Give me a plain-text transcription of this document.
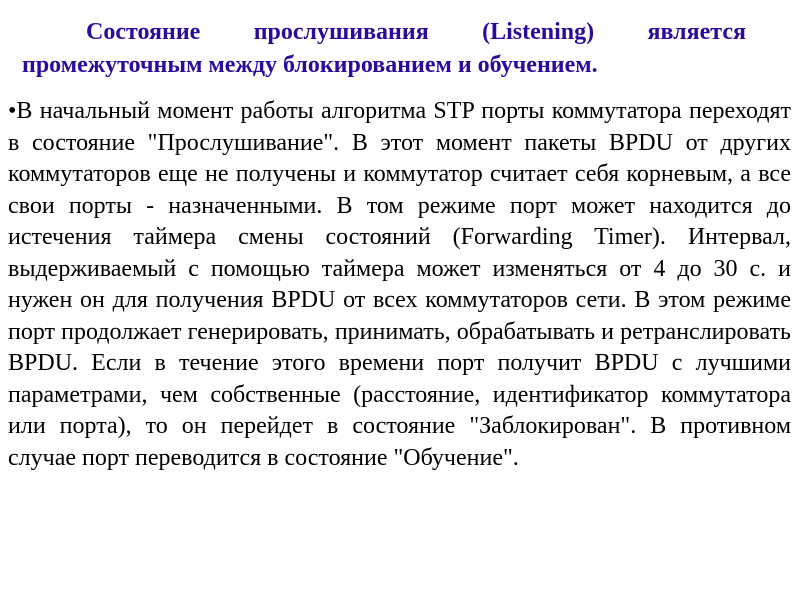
Состояние прослушивания (Listening) является промежуточным между блокированием и обучением.

•В начальный момент работы алгоритма STP порты коммутатора переходят в состояние "Прослушивание". В этот момент пакеты BPDU от других коммутаторов еще не получены и коммутатор считает себя корневым, а все свои порты - назначенными. В том режиме порт может находится до истечения таймера смены состояний (Forwarding Timer). Интервал, выдерживаемый с помощью таймера может изменяться от 4 до 30 с. и нужен он для получения BPDU от всех коммутаторов сети. В этом режиме порт продолжает генерировать, принимать, обрабатывать и ретранслировать BPDU. Если в течение этого времени порт получит BPDU с лучшими параметрами, чем собственные (расстояние, идентификатор коммутатора или порта), то он перейдет в состояние "Заблокирован". В противном случае порт переводится в состояние "Обучение".
